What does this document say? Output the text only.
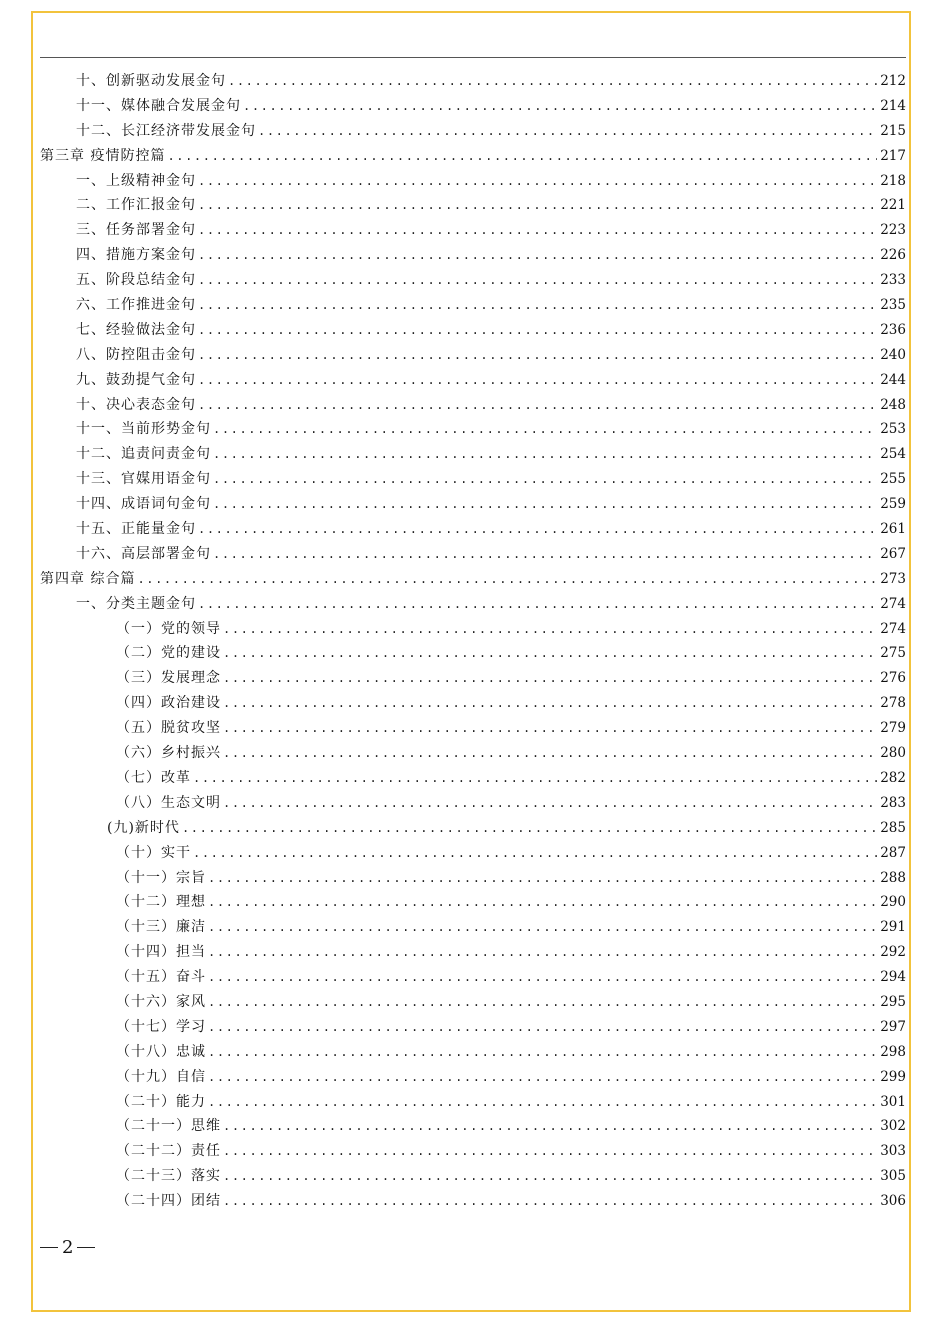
十、创新驱动发展金句 .....	212
十一、媒体融合发展金句 .....	214
十二、长江经济带发展金句 .....	215
第三章 疫情防控篇 .....	217
一、上级精神金句 .....	218
二、工作汇报金句 .....	221
三、任务部署金句 .....	223
四、措施方案金句 .....	226
五、阶段总结金句 .....	233
六、工作推进金句 .....	235
七、经验做法金句 .....	236
八、防控阻击金句 .....	240
九、鼓劲提气金句 .....	244
十、决心表态金句 .....	248
十一、当前形势金句 .....	253
十二、追责问责金句 .....	254
十三、官媒用语金句 .....	255
十四、成语词句金句 .....	259
十五、正能量金句 .....	261
十六、高层部署金句 .....	267
第四章 综合篇 .....	273
一、分类主题金句 .....	274
（一）党的领导 .....	274
（二）党的建设 .....	275
（三）发展理念 .....	276
（四）政治建设 .....	278
（五）脱贫攻坚 .....	279
（六）乡村振兴 .....	280
（七）改革 .....	282
（八）生态文明 .....	283
(九)新时代 .....	285
（十）实干 .....	287
（十一）宗旨 .....	288
（十二）理想 .....	290
（十三）廉洁 .....	291
（十四）担当 .....	292
（十五）奋斗 .....	294
（十六）家风 .....	295
（十七）学习 .....	297
（十八）忠诚 .....	298
（十九）自信 .....	299
（二十）能力 .....	301
（二十一）思维 .....	302
（二十二）责任 .....	303
（二十三）落实 .....	305
（二十四）团结 .....	306
2
